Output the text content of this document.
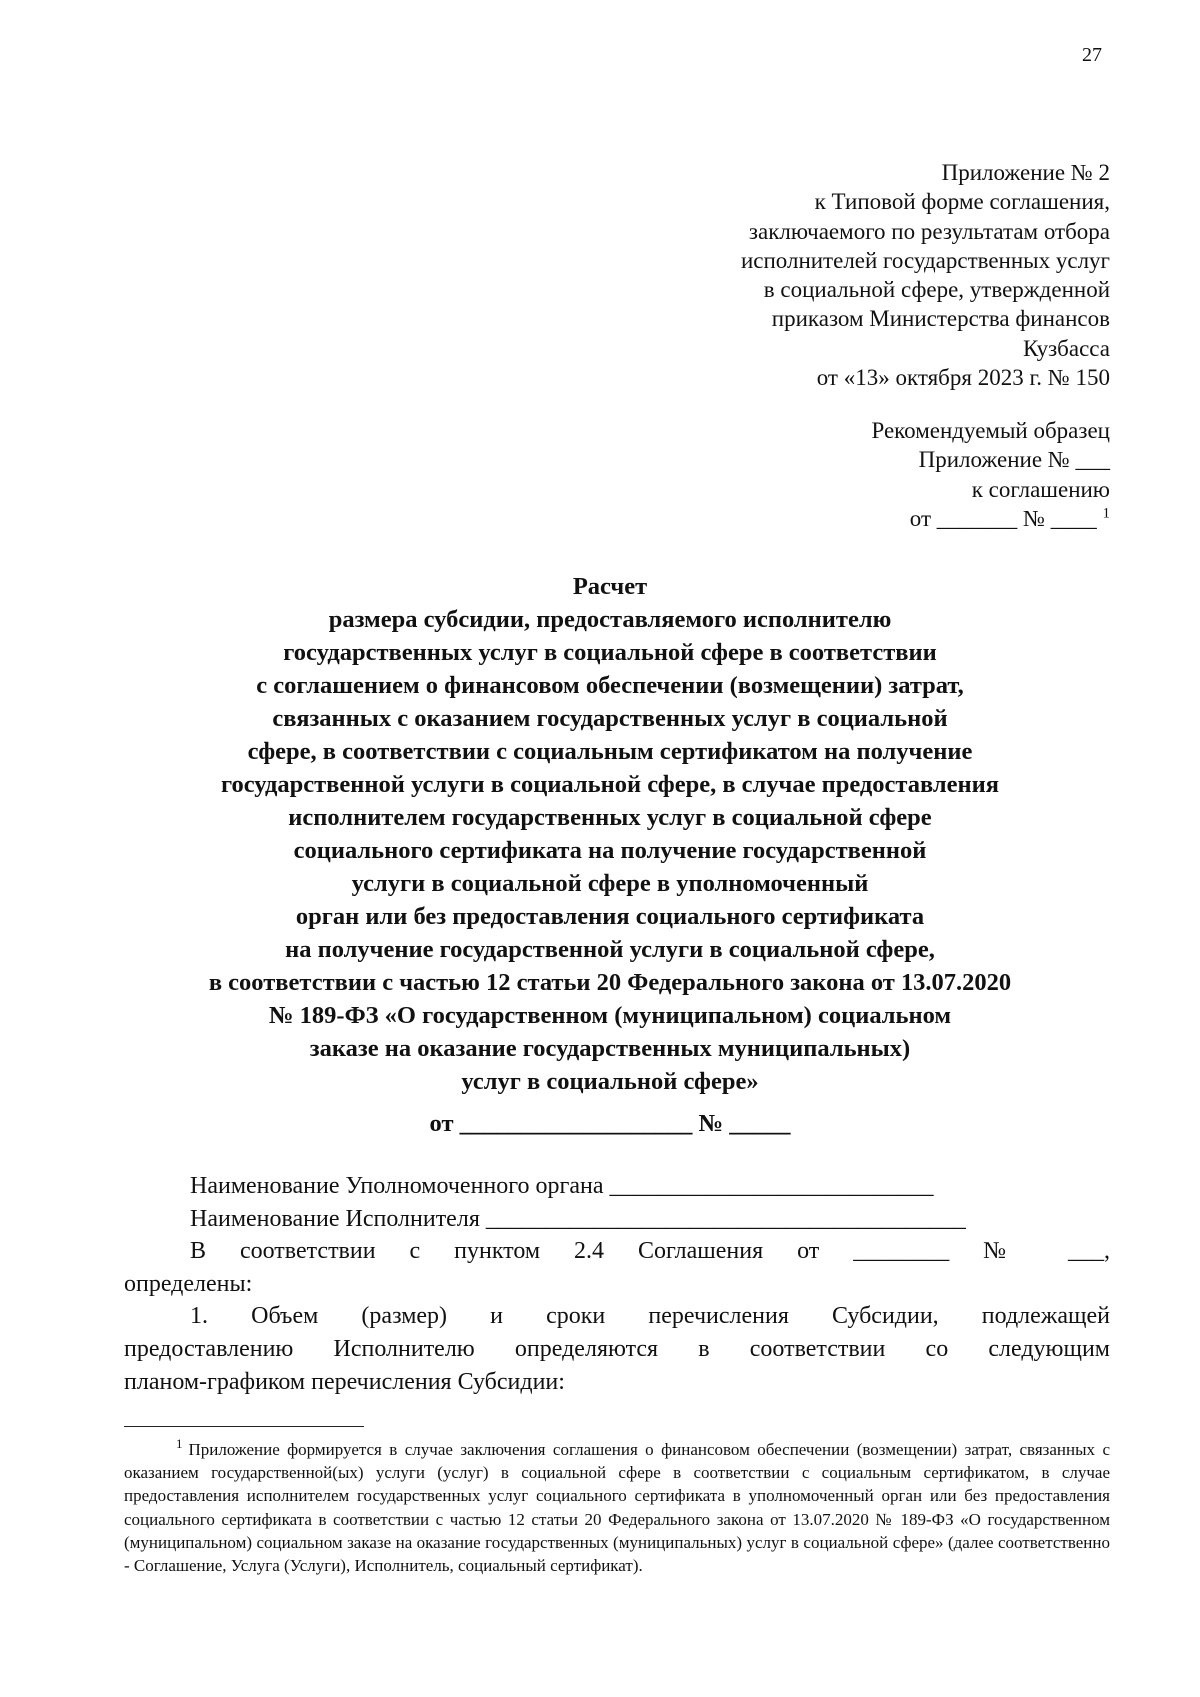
27
Приложение № 2
к Типовой форме соглашения,
заключаемого по результатам отбора
исполнителей государственных услуг
в социальной сфере, утвержденной
приказом Министерства финансов
Кузбасса
от «13» октября 2023 г. № 150
Рекомендуемый образец
Приложение № ___
к соглашению
от _______ № ____ $^1$
Расчет
размера субсидии, предоставляемого исполнителю
государственных услуг в социальной сфере в соответствии
с соглашением о финансовом обеспечении (возмещении) затрат,
связанных с оказанием государственных услуг в социальной
сфере, в соответствии с социальным сертификатом на получение
государственной услуги в социальной сфере, в случае предоставления
исполнителем государственных услуг в социальной сфере
социального сертификата на получение государственной
услуги в социальной сфере в уполномоченный
орган или без предоставления социального сертификата
на получение государственной услуги в социальной сфере,
в соответствии с частью 12 статьи 20 Федерального закона от 13.07.2020
№ 189-ФЗ «О государственном (муниципальном) социальном
заказе на оказание государственных муниципальных)
услуг в социальной сфере»
от ___________________ № _____
Наименование Уполномоченного органа ___________________________
Наименование Исполнителя ________________________________________
В соответствии с пунктом 2.4 Соглашения от ________ № ___,
определены:
1. Объем (размер) и сроки перечисления Субсидии, подлежащей
предоставлению Исполнителю определяются в соответствии со следующим
планом-графиком перечисления Субсидии:
$^1$ Приложение формируется в случае заключения соглашения о финансовом обеспечении (возмещении) затрат, связанных с оказанием государственной(ых) услуги (услуг) в социальной сфере в соответствии с социальным сертификатом, в случае предоставления исполнителем государственных услуг социального сертификата в уполномоченный орган или без предоставления социального сертификата в соответствии с частью 12 статьи 20 Федерального закона от 13.07.2020 № 189-ФЗ «О государственном (муниципальном) социальном заказе на оказание государственных (муниципальных) услуг в социальной сфере» (далее соответственно - Соглашение, Услуга (Услуги), Исполнитель, социальный сертификат).
